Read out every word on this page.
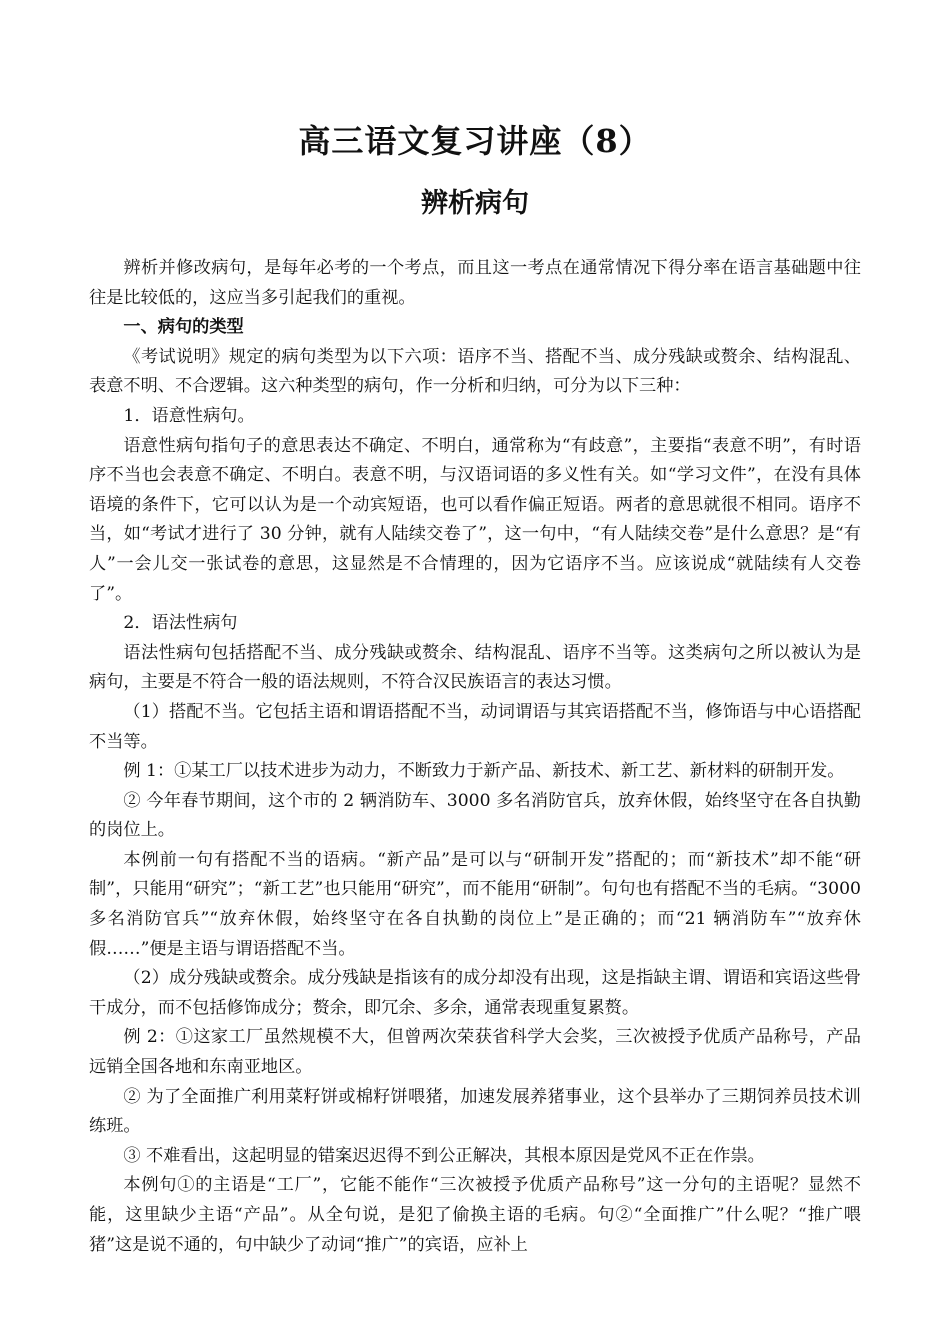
高三语文复习讲座（8）
辨析病句

辨析并修改病句，是每年必考的一个考点，而且这一考点在通常情况下得分率在语言基础题中往往是比较低的，这应当多引起我们的重视。

一、病句的类型

《考试说明》规定的病句类型为以下六项：语序不当、搭配不当、成分残缺或赘余、结构混乱、表意不明、不合逻辑。这六种类型的病句，作一分析和归纳，可分为以下三种：

1．语意性病句。

语意性病句指句子的意思表达不确定、不明白，通常称为“有歧意”，主要指“表意不明”，有时语序不当也会表意不确定、不明白。表意不明，与汉语词语的多义性有关。如“学习文件”，在没有具体语境的条件下，它可以认为是一个动宾短语，也可以看作偏正短语。两者的意思就很不相同。语序不当，如“考试才进行了 30 分钟，就有人陆续交卷了”，这一句中，“有人陆续交卷”是什么意思？是“有人”一会儿交一张试卷的意思，这显然是不合情理的，因为它语序不当。应该说成“就陆续有人交卷了”。

2．语法性病句

语法性病句包括搭配不当、成分残缺或赘余、结构混乱、语序不当等。这类病句之所以被认为是病句，主要是不符合一般的语法规则，不符合汉民族语言的表达习惯。

（1）搭配不当。它包括主语和谓语搭配不当，动词谓语与其宾语搭配不当，修饰语与中心语搭配不当等。

例 1：①某工厂以技术进步为动力，不断致力于新产品、新技术、新工艺、新材料的研制开发。

② 今年春节期间，这个市的 2 辆消防车、3000 多名消防官兵，放弃休假，始终坚守在各自执勤的岗位上。

本例前一句有搭配不当的语病。“新产品”是可以与“研制开发”搭配的；而“新技术”却不能“研制”，只能用“研究”；“新工艺”也只能用“研究”，而不能用“研制”。句句也有搭配不当的毛病。“3000 多名消防官兵”“放弃休假，始终坚守在各自执勤的岗位上”是正确的；而“21 辆消防车”“放弃休假……”便是主语与谓语搭配不当。

（2）成分残缺或赘余。成分残缺是指该有的成分却没有出现，这是指缺主谓、谓语和宾语这些骨干成分，而不包括修饰成分；赘余，即冗余、多余，通常表现重复累赘。

例 2：①这家工厂虽然规模不大，但曾两次荣获省科学大会奖，三次被授予优质产品称号，产品远销全国各地和东南亚地区。

② 为了全面推广利用菜籽饼或棉籽饼喂猪，加速发展养猪事业，这个县举办了三期饲养员技术训练班。

③ 不难看出，这起明显的错案迟迟得不到公正解决，其根本原因是党风不正在作祟。

本例句①的主语是“工厂”，它能不能作“三次被授予优质产品称号”这一分句的主语呢？显然不能，这里缺少主语“产品”。从全句说，是犯了偷换主语的毛病。句②“全面推广”什么呢？“推广喂猪”这是说不通的，句中缺少了动词“推广”的宾语，应补上
